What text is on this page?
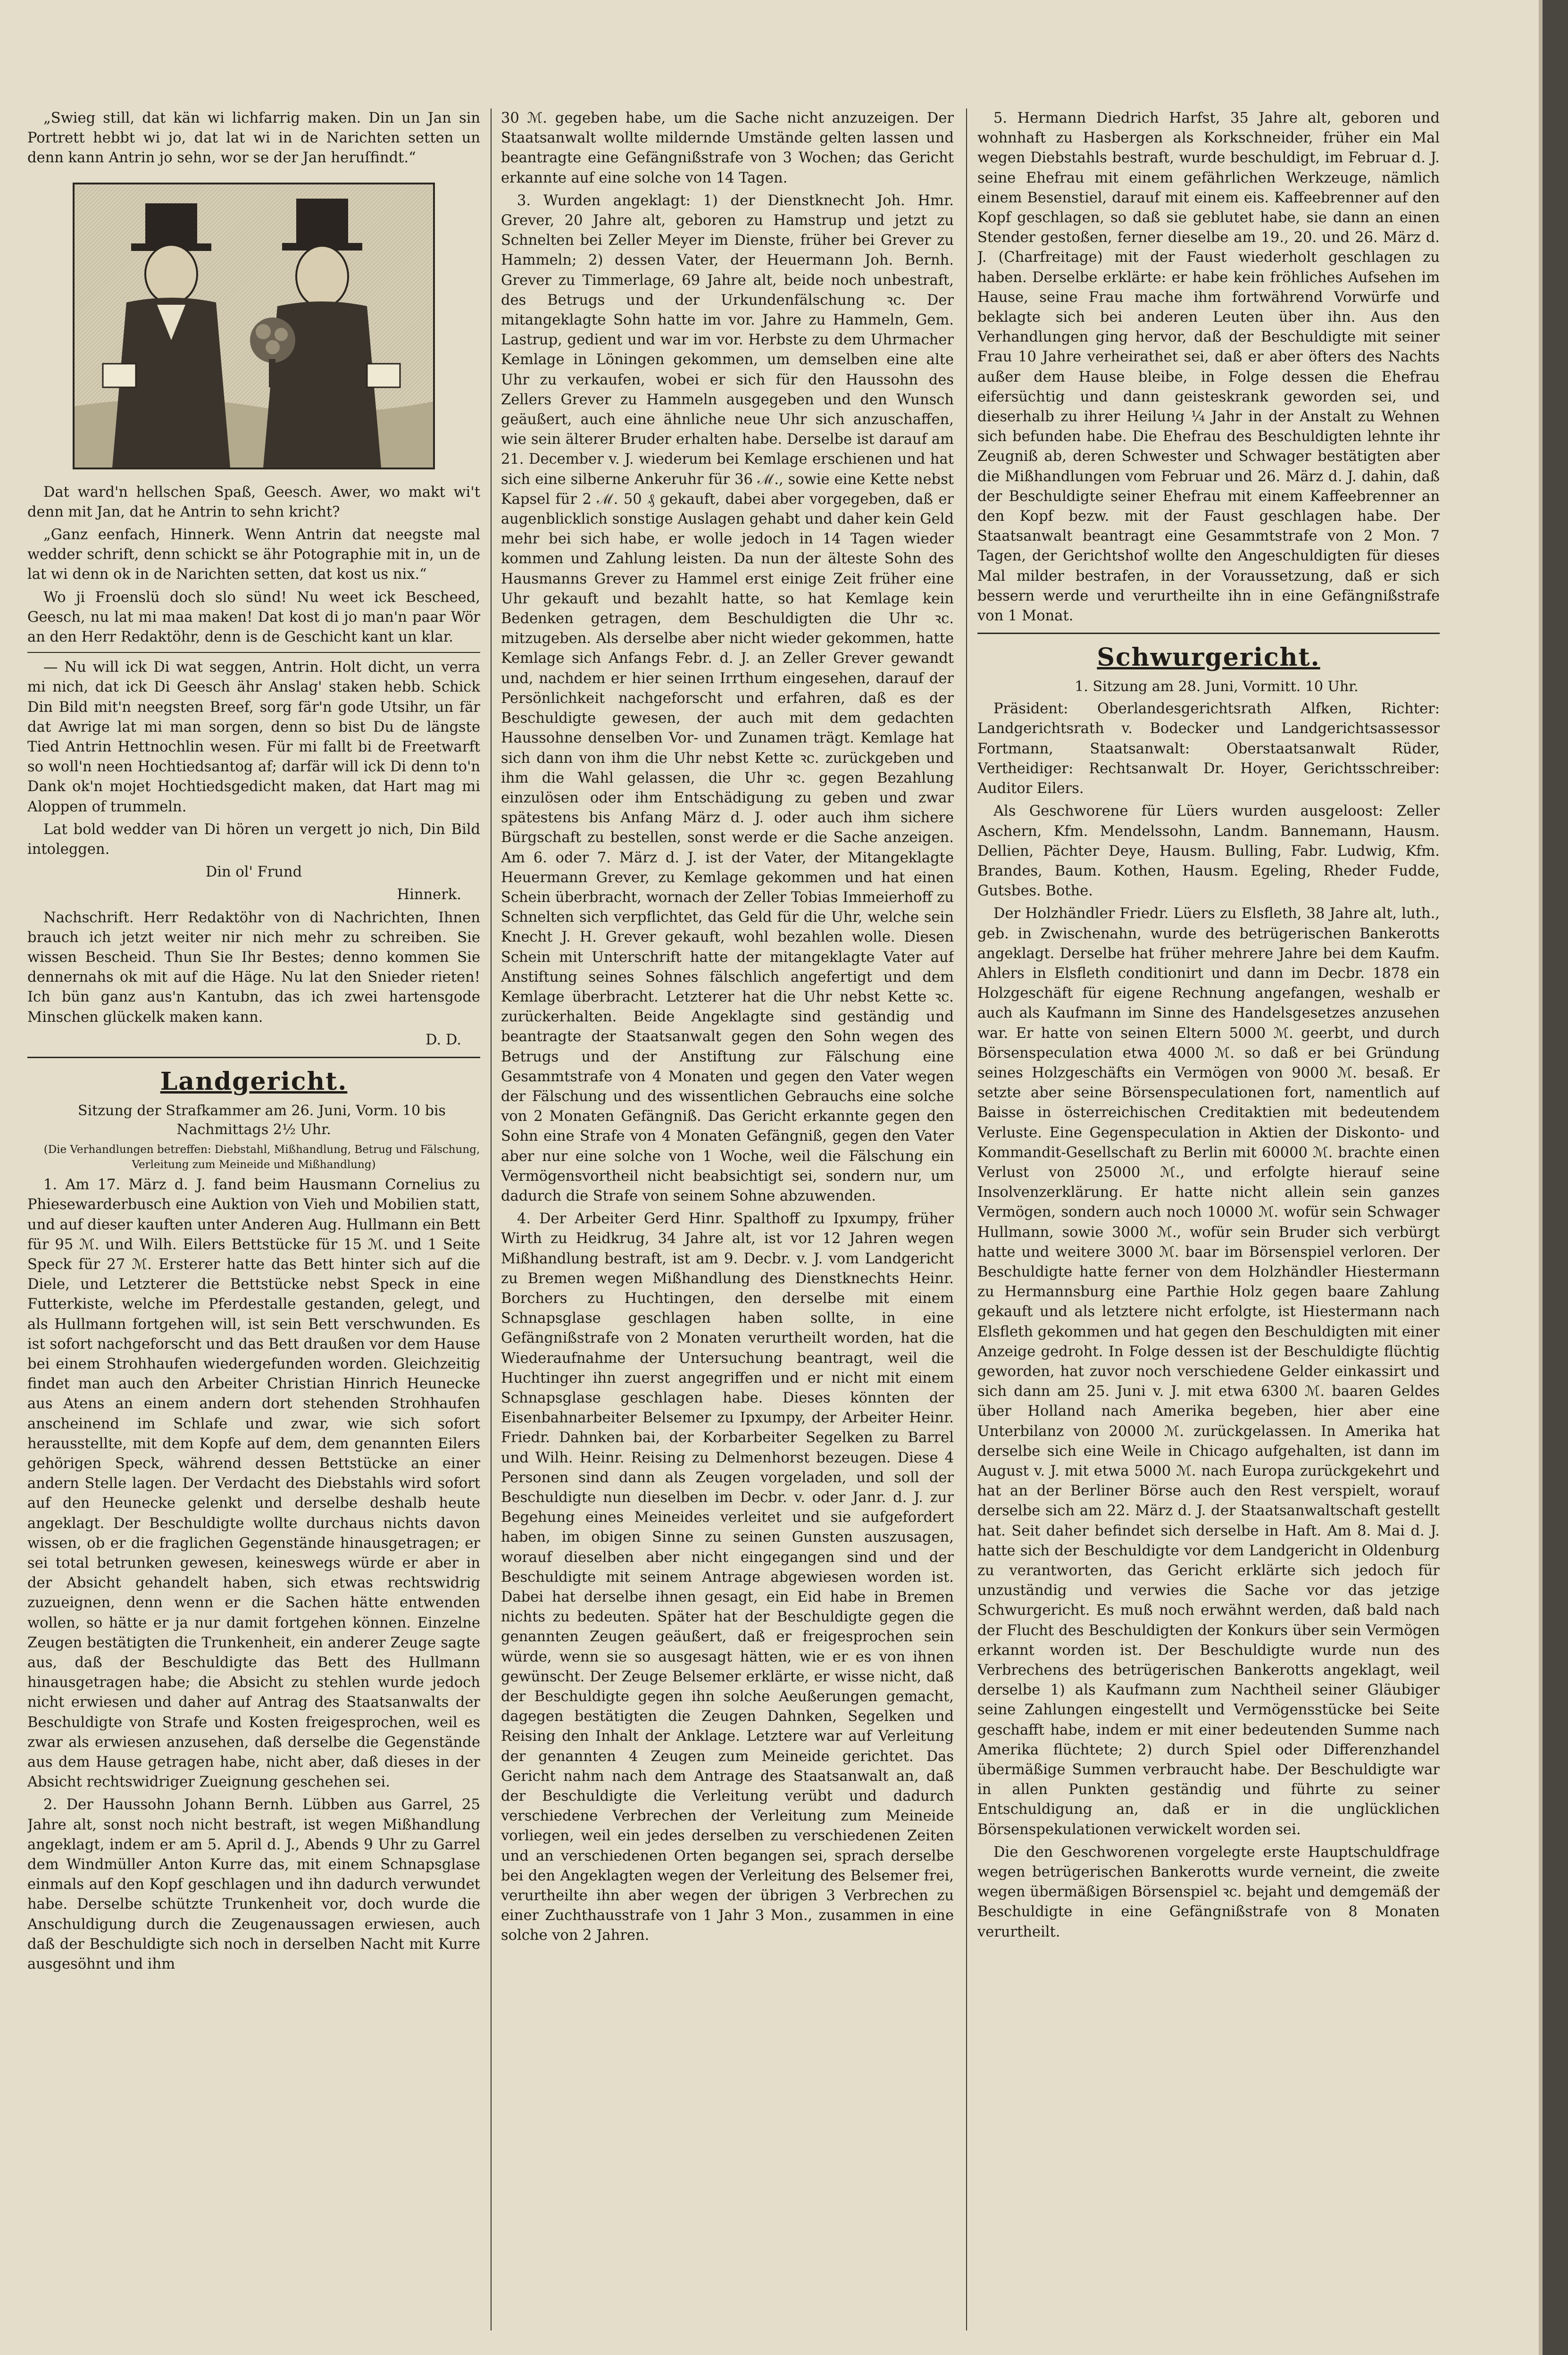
„Swieg still, dat kän wi lichfarrig maken. Din un Jan sin Portrett hebbt wi jo, dat lat wi in de Narichten setten un denn kann Antrin jo sehn, wor se der Jan heruſfindt.“

Dat ward'n hellschen Spaß, Geesch. Awer, wo makt wi't denn mit Jan, dat he Antrin to sehn kricht?

„Ganz eenfach, Hinnerk. Wenn Antrin dat neegste mal wedder schrift, denn schickt se ähr Potographie mit in, un de lat wi denn ok in de Narichten setten, dat kost us nix.“

Wo ji Froenslü doch slo sünd! Nu weet ick Bescheed, Geesch, nu lat mi maa maken! Dat kost di jo man'n paar Wör an den Herr Redaktöhr, denn is de Geschicht kant un klar.

— Nu will ick Di wat seggen, Antrin. Holt dicht, un verra mi nich, dat ick Di Geesch ähr Anslag' staken hebb. Schick Din Bild mit'n neegsten Breef, sorg fär'n gode Utsihr, un fär dat Awrige lat mi man sorgen, denn so bist Du de längste Tied Antrin Hettnochlin wesen. Für mi fallt bi de Freetwarft so woll'n neen Hochtiedsantog af; darfär will ick Di denn to'n Dank ok'n mojet Hochtiedsgedicht maken, dat Hart mag mi Aloppen of trummeln.

Lat bold wedder van Di hören un vergett jo nich, Din Bild intoleggen.

Din ol' Frund

Hinnerk.

Nachschrift. Herr Redaktöhr von di Nachrichten, Ihnen brauch ich jetzt weiter nir nich mehr zu schreiben. Sie wissen Bescheid. Thun Sie Ihr Bestes; denno kommen Sie dennernahs ok mit auf die Häge. Nu lat den Snieder rieten! Ich bün ganz aus'n Kantubn, das ich zwei hartensgode Minschen glückelk maken kann.

D. D.

Landgericht.

Sitzung der Strafkammer am 26. Juni, Vorm. 10 bis Nachmittags 2½ Uhr.

(Die Verhandlungen betreffen: Diebstahl, Mißhandlung, Betrug und Fälschung, Verleitung zum Meineide und Mißhandlung)

1. Am 17. März d. J. fand beim Hausmann Cornelius zu Phiesewarderbusch eine Auktion von Vieh und Mobilien statt, und auf dieser kauften unter Anderen Aug. Hullmann ein Bett für 95 ℳ. und Wilh. Eilers Bettstücke für 15 ℳ. und 1 Seite Speck für 27 ℳ. Ersterer hatte das Bett hinter sich auf die Diele, und Letzterer die Bettstücke nebst Speck in eine Futterkiste, welche im Pferdestalle gestanden, gelegt, und als Hullmann fortgehen will, ist sein Bett verschwunden. Es ist sofort nachgeforscht und das Bett draußen vor dem Hause bei einem Strohhaufen wiedergefunden worden. Gleichzeitig findet man auch den Arbeiter Christian Hinrich Heunecke aus Atens an einem andern dort stehenden Strohhaufen anscheinend im Schlafe und zwar, wie sich sofort herausstellte, mit dem Kopfe auf dem, dem genannten Eilers gehörigen Speck, während dessen Bettstücke an einer andern Stelle lagen. Der Verdacht des Diebstahls wird sofort auf den Heunecke gelenkt und derselbe deshalb heute angeklagt. Der Beschuldigte wollte durchaus nichts davon wissen, ob er die fraglichen Gegenstände hinausgetragen; er sei total betrunken gewesen, keineswegs würde er aber in der Absicht gehandelt haben, sich etwas rechtswidrig zuzueignen, denn wenn er die Sachen hätte entwenden wollen, so hätte er ja nur damit fortgehen können. Einzelne Zeugen bestätigten die Trunkenheit, ein anderer Zeuge sagte aus, daß der Beschuldigte das Bett des Hullmann hinausgetragen habe; die Absicht zu stehlen wurde jedoch nicht erwiesen und daher auf Antrag des Staatsanwalts der Beschuldigte von Strafe und Kosten freigesprochen, weil es zwar als erwiesen anzusehen, daß derselbe die Gegenstände aus dem Hause getragen habe, nicht aber, daß dieses in der Absicht rechtswidriger Zueignung geschehen sei.

2. Der Haussohn Johann Bernh. Lübben aus Garrel, 25 Jahre alt, sonst noch nicht bestraft, ist wegen Mißhandlung angeklagt, indem er am 5. April d. J., Abends 9 Uhr zu Garrel dem Windmüller Anton Kurre das, mit einem Schnapsglase einmals auf den Kopf geschlagen und ihn dadurch verwundet habe. Derselbe schützte Trunkenheit vor, doch wurde die Anschuldigung durch die Zeugenaussagen erwiesen, auch daß der Beschuldigte sich noch in derselben Nacht mit Kurre ausgesöhnt und ihm

30 ℳ. gegeben habe, um die Sache nicht anzuzeigen. Der Staatsanwalt wollte mildernde Umstände gelten lassen und beantragte eine Gefängnißstrafe von 3 Wochen; das Gericht erkannte auf eine solche von 14 Tagen.

3. Wurden angeklagt: 1) der Dienstknecht Joh. Hmr. Grever, 20 Jahre alt, geboren zu Hamstrup und jetzt zu Schnelten bei Zeller Meyer im Dienste, früher bei Grever zu Hammeln; 2) dessen Vater, der Heuermann Joh. Bernh. Grever zu Timmerlage, 69 Jahre alt, beide noch unbestraft, des Betrugs und der Urkundenfälschung ꝛc. Der mitangeklagte Sohn hatte im vor. Jahre zu Hammeln, Gem. Lastrup, gedient und war im vor. Herbste zu dem Uhrmacher Kemlage in Löningen gekommen, um demselben eine alte Uhr zu verkaufen, wobei er sich für den Haussohn des Zellers Grever zu Hammeln ausgegeben und den Wunsch geäußert, auch eine ähnliche neue Uhr sich anzuschaffen, wie sein älterer Bruder erhalten habe. Derselbe ist darauf am 21. December v. J. wiederum bei Kemlage erschienen und hat sich eine silberne Ankeruhr für 36 ℳ., sowie eine Kette nebst Kapsel für 2 ℳ. 50 ₰ gekauft, dabei aber vorgegeben, daß er augenblicklich sonstige Auslagen gehabt und daher kein Geld mehr bei sich habe, er wolle jedoch in 14 Tagen wieder kommen und Zahlung leisten. Da nun der älteste Sohn des Hausmanns Grever zu Hammel erst einige Zeit früher eine Uhr gekauft und bezahlt hatte, so hat Kemlage kein Bedenken getragen, dem Beschuldigten die Uhr ꝛc. mitzugeben. Als derselbe aber nicht wieder gekommen, hatte Kemlage sich Anfangs Febr. d. J. an Zeller Grever gewandt und, nachdem er hier seinen Irrthum eingesehen, darauf der Persönlichkeit nachgeforscht und erfahren, daß es der Beschuldigte gewesen, der auch mit dem gedachten Haussohne denselben Vor- und Zunamen trägt. Kemlage hat sich dann von ihm die Uhr nebst Kette ꝛc. zurückgeben und ihm die Wahl gelassen, die Uhr ꝛc. gegen Bezahlung einzulösen oder ihm Entschädigung zu geben und zwar spätestens bis Anfang März d. J. oder auch ihm sichere Bürgschaft zu bestellen, sonst werde er die Sache anzeigen. Am 6. oder 7. März d. J. ist der Vater, der Mitangeklagte Heuermann Grever, zu Kemlage gekommen und hat einen Schein überbracht, wornach der Zeller Tobias Immeierhoff zu Schnelten sich verpflichtet, das Geld für die Uhr, welche sein Knecht J. H. Grever gekauft, wohl bezahlen wolle. Diesen Schein mit Unterschrift hatte der mitangeklagte Vater auf Anstiftung seines Sohnes fälschlich angefertigt und dem Kemlage überbracht. Letzterer hat die Uhr nebst Kette ꝛc. zurückerhalten. Beide Angeklagte sind geständig und beantragte der Staatsanwalt gegen den Sohn wegen des Betrugs und der Anstiftung zur Fälschung eine Gesammtstrafe von 4 Monaten und gegen den Vater wegen der Fälschung und des wissentlichen Gebrauchs eine solche von 2 Monaten Gefängniß. Das Gericht erkannte gegen den Sohn eine Strafe von 4 Monaten Gefängniß, gegen den Vater aber nur eine solche von 1 Woche, weil die Fälschung ein Vermögensvortheil nicht beabsichtigt sei, sondern nur, um dadurch die Strafe von seinem Sohne abzuwenden.

4. Der Arbeiter Gerd Hinr. Spalthoff zu Ipxumpy, früher Wirth zu Heidkrug, 34 Jahre alt, ist vor 12 Jahren wegen Mißhandlung bestraft, ist am 9. Decbr. v. J. vom Landgericht zu Bremen wegen Mißhandlung des Dienstknechts Heinr. Borchers zu Huchtingen, den derselbe mit einem Schnapsglase geschlagen haben sollte, in eine Gefängnißstrafe von 2 Monaten verurtheilt worden, hat die Wiederaufnahme der Untersuchung beantragt, weil die Huchtinger ihn zuerst angegriffen und er nicht mit einem Schnapsglase geschlagen habe. Dieses könnten der Eisenbahnarbeiter Belsemer zu Ipxumpy, der Arbeiter Heinr. Friedr. Dahnken bai, der Korbarbeiter Segelken zu Barrel und Wilh. Heinr. Reising zu Delmenhorst bezeugen. Diese 4 Personen sind dann als Zeugen vorgeladen, und soll der Beschuldigte nun dieselben im Decbr. v. oder Janr. d. J. zur Begehung eines Meineides verleitet und sie aufgefordert haben, im obigen Sinne zu seinen Gunsten auszusagen, worauf dieselben aber nicht eingegangen sind und der Beschuldigte mit seinem Antrage abgewiesen worden ist. Dabei hat derselbe ihnen gesagt, ein Eid habe in Bremen nichts zu bedeuten. Später hat der Beschuldigte gegen die genannten Zeugen geäußert, daß er freigesprochen sein würde, wenn sie so ausgesagt hätten, wie er es von ihnen gewünscht. Der Zeuge Belsemer erklärte, er wisse nicht, daß der Beschuldigte gegen ihn solche Aeußerungen gemacht, dagegen bestätigten die Zeugen Dahnken, Segelken und Reising den Inhalt der Anklage. Letztere war auf Verleitung der genannten 4 Zeugen zum Meineide gerichtet. Das Gericht nahm nach dem Antrage des Staatsanwalt an, daß der Beschuldigte die Verleitung verübt und dadurch verschiedene Verbrechen der Verleitung zum Meineide vorliegen, weil ein jedes derselben zu verschiedenen Zeiten und an verschiedenen Orten begangen sei, sprach derselbe bei den Angeklagten wegen der Verleitung des Belsemer frei, verurtheilte ihn aber wegen der übrigen 3 Verbrechen zu einer Zuchthausstrafe von 1 Jahr 3 Mon., zusammen in eine solche von 2 Jahren.

5. Hermann Diedrich Harfst, 35 Jahre alt, geboren und wohnhaft zu Hasbergen als Korkschneider, früher ein Mal wegen Diebstahls bestraft, wurde beschuldigt, im Februar d. J. seine Ehefrau mit einem gefährlichen Werkzeuge, nämlich einem Besenstiel, darauf mit einem eis. Kaffeebrenner auf den Kopf geschlagen, so daß sie geblutet habe, sie dann an einen Stender gestoßen, ferner dieselbe am 19., 20. und 26. März d. J. (Charfreitage) mit der Faust wiederholt geschlagen zu haben. Derselbe erklärte: er habe kein fröhliches Aufsehen im Hause, seine Frau mache ihm fortwährend Vorwürfe und beklagte sich bei anderen Leuten über ihn. Aus den Verhandlungen ging hervor, daß der Beschuldigte mit seiner Frau 10 Jahre verheirathet sei, daß er aber öfters des Nachts außer dem Hause bleibe, in Folge dessen die Ehefrau eifersüchtig und dann geisteskrank geworden sei, und dieserhalb zu ihrer Heilung ¼ Jahr in der Anstalt zu Wehnen sich befunden habe. Die Ehefrau des Beschuldigten lehnte ihr Zeugniß ab, deren Schwester und Schwager bestätigten aber die Mißhandlungen vom Februar und 26. März d. J. dahin, daß der Beschuldigte seiner Ehefrau mit einem Kaffeebrenner an den Kopf bezw. mit der Faust geschlagen habe. Der Staatsanwalt beantragt eine Gesammtstrafe von 2 Mon. 7 Tagen, der Gerichtshof wollte den Angeschuldigten für dieses Mal milder bestrafen, in der Voraussetzung, daß er sich bessern werde und verurtheilte ihn in eine Gefängnißstrafe von 1 Monat.

Schwurgericht.

1. Sitzung am 28. Juni, Vormitt. 10 Uhr.

Präsident: Oberlandesgerichtsrath Alfken, Richter: Landgerichtsrath v. Bodecker und Landgerichtsassessor Fortmann, Staatsanwalt: Oberstaatsanwalt Rüder, Vertheidiger: Rechtsanwalt Dr. Hoyer, Gerichtsschreiber: Auditor Eilers.

Als Geschworene für Lüers wurden ausgeloost: Zeller Aschern, Kfm. Mendelssohn, Landm. Bannemann, Hausm. Dellien, Pächter Deye, Hausm. Bulling, Fabr. Ludwig, Kfm. Brandes, Baum. Kothen, Hausm. Egeling, Rheder Fudde, Gutsbes. Bothe.

Der Holzhändler Friedr. Lüers zu Elsfleth, 38 Jahre alt, luth., geb. in Zwischenahn, wurde des betrügerischen Bankerotts angeklagt. Derselbe hat früher mehrere Jahre bei dem Kaufm. Ahlers in Elsfleth conditionirt und dann im Decbr. 1878 ein Holzgeschäft für eigene Rechnung angefangen, weshalb er auch als Kaufmann im Sinne des Handelsgesetzes anzusehen war. Er hatte von seinen Eltern 5000 ℳ. geerbt, und durch Börsenspeculation etwa 4000 ℳ. so daß er bei Gründung seines Holzgeschäfts ein Vermögen von 9000 ℳ. besaß. Er setzte aber seine Börsenspeculationen fort, namentlich auf Baisse in österreichischen Creditaktien mit bedeutendem Verluste. Eine Gegenspeculation in Aktien der Diskonto- und Kommandit-Gesellschaft zu Berlin mit 60000 ℳ. brachte einen Verlust von 25000 ℳ., und erfolgte hierauf seine Insolvenzerklärung. Er hatte nicht allein sein ganzes Vermögen, sondern auch noch 10000 ℳ. wofür sein Schwager Hullmann, sowie 3000 ℳ., wofür sein Bruder sich verbürgt hatte und weitere 3000 ℳ. baar im Börsenspiel verloren. Der Beschuldigte hatte ferner von dem Holzhändler Hiestermann zu Hermannsburg eine Parthie Holz gegen baare Zahlung gekauft und als letztere nicht erfolgte, ist Hiestermann nach Elsfleth gekommen und hat gegen den Beschuldigten mit einer Anzeige gedroht. In Folge dessen ist der Beschuldigte flüchtig geworden, hat zuvor noch verschiedene Gelder einkassirt und sich dann am 25. Juni v. J. mit etwa 6300 ℳ. baaren Geldes über Holland nach Amerika begeben, hier aber eine Unterbilanz von 20000 ℳ. zurückgelassen. In Amerika hat derselbe sich eine Weile in Chicago aufgehalten, ist dann im August v. J. mit etwa 5000 ℳ. nach Europa zurückgekehrt und hat an der Berliner Börse auch den Rest verspielt, worauf derselbe sich am 22. März d. J. der Staatsanwaltschaft gestellt hat. Seit daher befindet sich derselbe in Haft. Am 8. Mai d. J. hatte sich der Beschuldigte vor dem Landgericht in Oldenburg zu verantworten, das Gericht erklärte sich jedoch für unzuständig und verwies die Sache vor das jetzige Schwurgericht. Es muß noch erwähnt werden, daß bald nach der Flucht des Beschuldigten der Konkurs über sein Vermögen erkannt worden ist. Der Beschuldigte wurde nun des Verbrechens des betrügerischen Bankerotts angeklagt, weil derselbe 1) als Kaufmann zum Nachtheil seiner Gläubiger seine Zahlungen eingestellt und Vermögensstücke bei Seite geschafft habe, indem er mit einer bedeutenden Summe nach Amerika flüchtete; 2) durch Spiel oder Differenzhandel übermäßige Summen verbraucht habe. Der Beschuldigte war in allen Punkten geständig und führte zu seiner Entschuldigung an, daß er in die unglücklichen Börsenspekulationen verwickelt worden sei.

Die den Geschworenen vorgelegte erste Hauptschuldfrage wegen betrügerischen Bankerotts wurde verneint, die zweite wegen übermäßigen Börsenspiel ꝛc. bejaht und demgemäß der Beschuldigte in eine Gefängnißstrafe von 8 Monaten verurtheilt.
